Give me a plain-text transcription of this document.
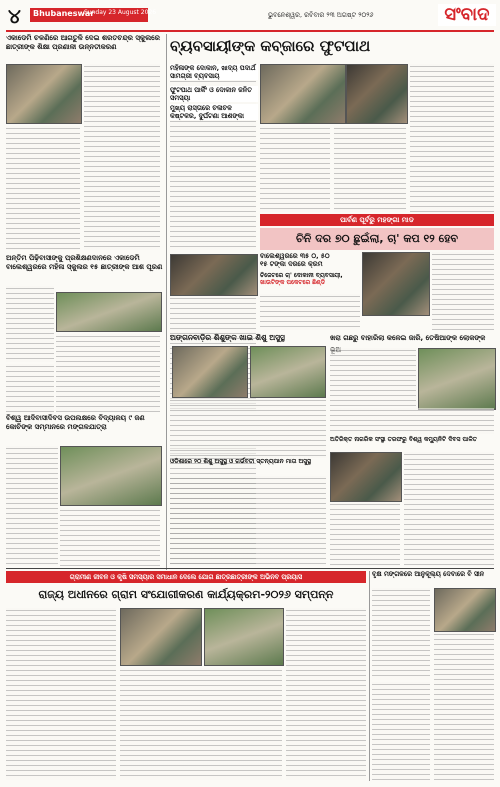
୪ Bhubaneswar
Sunday 23 August 2026	ଭୁବନେଶ୍ୱର, ରବିବାର ୨୩ ଅଗଷ୍ଟ ୨୦୨୬	ସଂବାଦ
ଏକାଡେମି ଚଳଣିରେ ଆଗତୁଳି ଦେଇ ଶରତଚନ୍ଦ୍ର ସ୍କୁଲରେ ଛାତ୍ରୀଙ୍କ ଶିକ୍ଷା ପ୍ରଣାଳୀ ଉନ୍ନତୀକରଣ
ଅନ୍ତିମ ପିଢ଼ିବାସୀଙ୍କୁ ପ୍ରଶିକ୍ଷଣଦାନରେ ଏକାଡେମି ବାଲେଶ୍ୱରରେ ମହିଳା ସ୍କୁଲର ୧୫ ଛାତ୍ରୀଙ୍କ ଆଶ ପୂରଣ
ବିଶ୍ୱ ଆଦିବାସୀଦିବସ ଉପଲକ୍ଷରେ ବିଦ୍ୟାଳୟ ୯ ଜଣ କୋଚିଙ୍କ ସମ୍ମାନରେ ମଙ୍ଗଳଯାତ୍ରା
ବ୍ୟବସାୟୀଙ୍କ କବ୍‌ଜାରେ ଫୁଟପାଥ
ମହିଳାଙ୍କ ଦୋକାନ, ଖାଦ୍ୟ ପଦାର୍ଥ ସାମଗ୍ରୀ ବ୍ୟବସାୟ
ଫୁଟପାଥ ପାର୍କିଂ ଓ ଦୋକାନ ଜନିତ ସମସ୍ୟା
ମୁଖ୍ୟ ରାସ୍ତାରେ ଚଳାଚଳ କଷ୍ଟକର, ଦୁର୍ଘଟଣା ଆଶଙ୍କା
ପାର୍ବଣ ପୂର୍ବରୁ ମହଙ୍ଗା ମାଡ
ଚିନି ଦର ୭୦ ଛୁଇଁଲା, ଚା' କପ ୧୨ ହେବ
ବାଲେଶ୍ୱରରେ ୩୫ ୦, ୫୦
୧୫ ଟଙ୍କା ଦରରେ କ୍ରମ
ଚିଜେଟରେ ଚା' ଦୋକାନୀ ବ୍ୟବସାୟୀ,
ଖାଉଟିଙ୍କ ପକେଟରେ ଛିଣ୍ଡି
ଅଙ୍ଗନବାଡ଼ିର ଶିଶୁଙ୍କ ଖାଇ ଶିଶୁ ଅସୁସ୍ଥ
ଓଡିଶାରେ ୨୦ ଶିଶୁ ଅସୁସ୍ଥ ଓ ଗର୍ଭବତୀ ସ୍ତନ୍ୟପାନ ମାତା ଅସୁସ୍ଥ
ଖରା ଗଛରୁ ବାହାରିଲା କଳେଇ ଜାରି, ତେଷିଆଙ୍କ ଲୋକଙ୍କ
ଅତିରିକ୍ତ ନାଗରିକ ସଂସ୍ଥା ତରଫରୁ ବିଶ୍ୱ କମ୍ୟୁନିଟି ଦିବସ ପାଳିତ
ଗ୍ରାମୀଣ ଜୀବନ ଓ କୃଷି ସମସ୍ୟାର ସମାଧାନ ଦେଲେ ଯୋଗ ଛାତ୍ରଛାତ୍ରୀଙ୍କ ଅଭିନବ ପ୍ରୟାସ
ରାଜ୍ୟ ଅଧୀନରେ ଗ୍ରାମ ସଂଯୋଗୀକରଣ କାର୍ଯ୍ୟକ୍ରମ-୨୦୨୬ ସମ୍ପନ୍ନ
ବୃକ୍ଷ ମଙ୍ଗଳରେ ଆନୁକୂଲ୍ୟ ଦେବାରେ ବି ସୀନ
